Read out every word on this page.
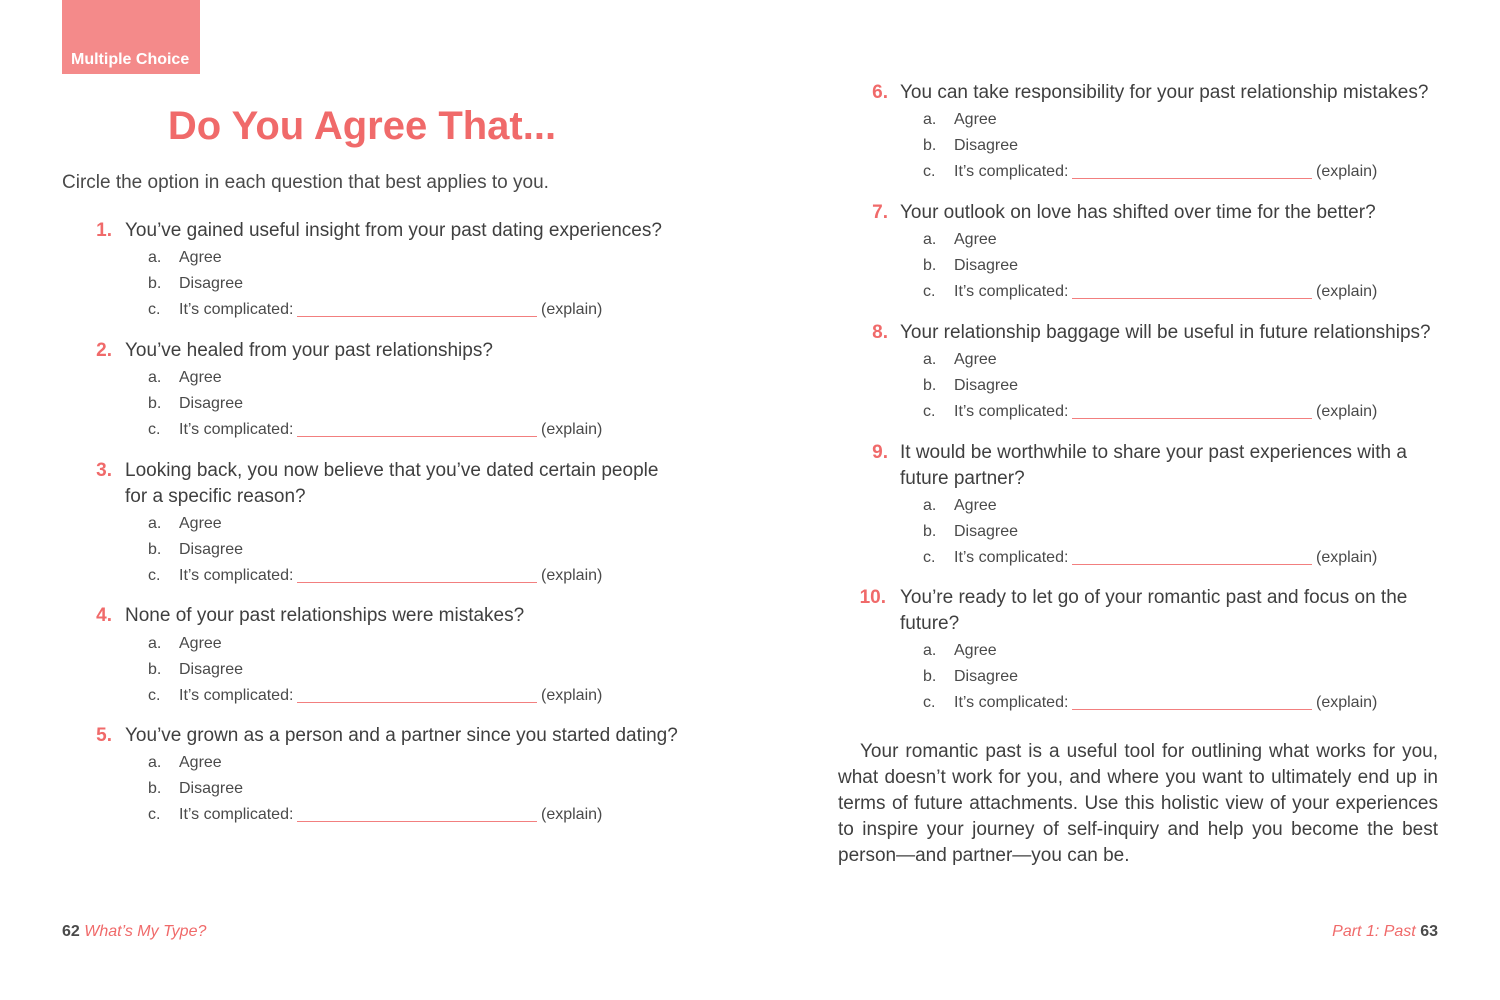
Multiple Choice
Do You Agree That...
Circle the option in each question that best applies to you.
1. You’ve gained useful insight from your past dating experiences?
a. Agree
b. Disagree
c. It’s complicated:	(explain)
2. You’ve healed from your past relationships?
a. Agree
b. Disagree
c. It’s complicated:	(explain)
3. Looking back, you now believe that you’ve dated certain people
for a specific reason?
a. Agree
b. Disagree
c. It’s complicated:	(explain)
4. None of your past relationships were mistakes?
a. Agree
b. Disagree
c. It’s complicated:	(explain)
5. You’ve grown as a person and a partner since you started dating?
a. Agree
b. Disagree
c. It’s complicated:	(explain)
6. You can take responsibility for your past relationship mistakes?
a. Agree
b. Disagree
c. It’s complicated:	(explain)
7. Your outlook on love has shifted over time for the better?
a. Agree
b. Disagree
c. It’s complicated:	(explain)
8. Your relationship baggage will be useful in future relationships?
a. Agree
b. Disagree
c. It’s complicated:	(explain)
9. It would be worthwhile to share your past experiences with a
future partner?
a. Agree
b. Disagree
c. It’s complicated:	(explain)
10. You’re ready to let go of your romantic past and focus on the
future?
a. Agree
b. Disagree
c. It’s complicated:	(explain)
Your romantic past is a useful tool for outlining what works for you, what doesn’t work for you, and where you want to ultimately end up in terms of future attachments. Use this holistic view of your experiences to inspire your journey of self-inquiry and help you become the best person—and partner—you can be.
62 What’s My Type?	Part 1: Past 63
